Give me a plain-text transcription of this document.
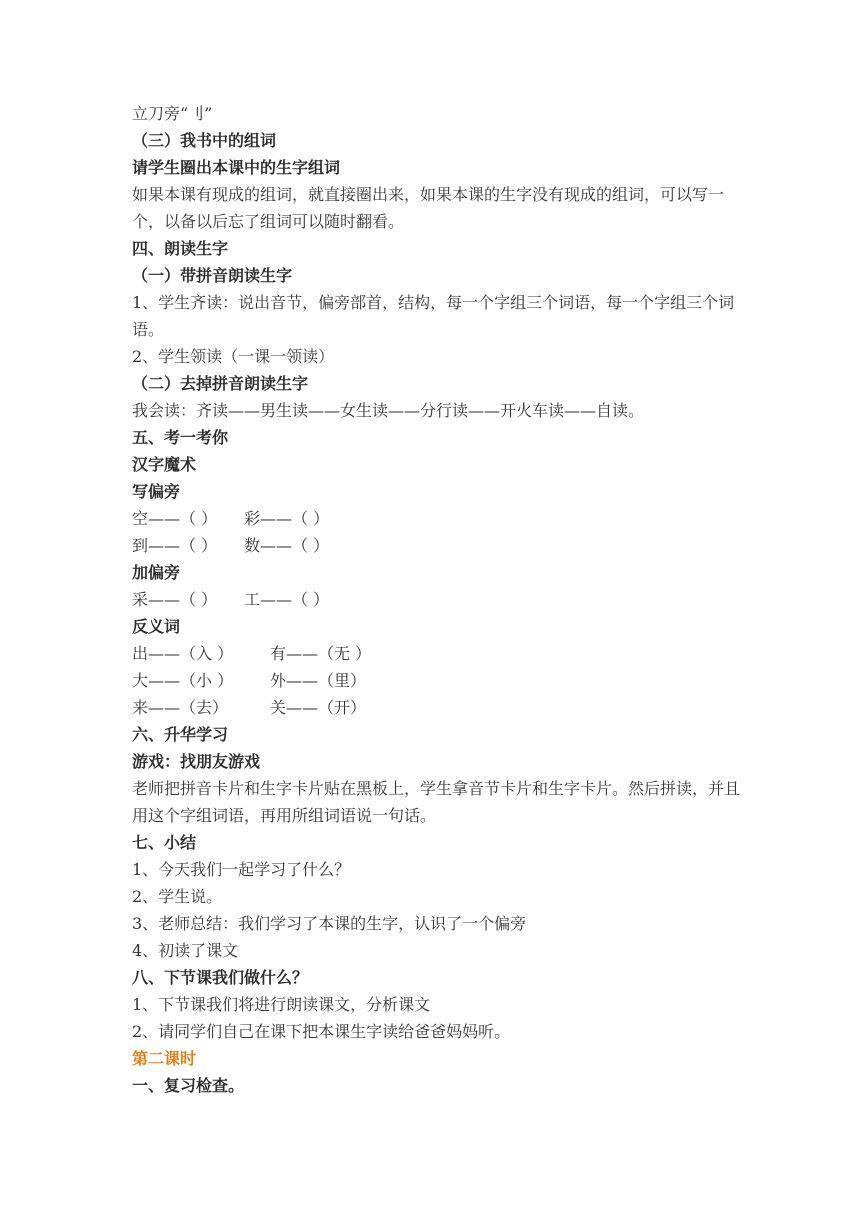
立刀旁“刂”
（三）我书中的组词
请学生圈出本课中的生字组词
如果本课有现成的组词，就直接圈出来，如果本课的生字没有现成的组词，可以写一个，以备以后忘了组词可以随时翻看。
四、朗读生字
（一）带拼音朗读生字
1、学生齐读：说出音节，偏旁部首，结构，每一个字组三个词语，每一个字组三个词语。
2、学生领读（一课一领读）
（二）去掉拼音朗读生字
我会读：齐读——男生读——女生读——分行读——开火车读——自读。
五、考一考你
汉字魔术
写偏旁
空——（ ） 彩——（ ）
到——（ ） 数——（ ）
加偏旁
采——（ ） 工——（ ）
反义词
出——（入 ） 有——（无 ）
大——（小 ） 外——（里）
来——（去）	关——（开）
六、升华学习
游戏：找朋友游戏
老师把拼音卡片和生字卡片贴在黑板上，学生拿音节卡片和生字卡片。然后拼读，并且用这个字组词语，再用所组词语说一句话。
七、小结
1、今天我们一起学习了什么？
2、学生说。
3、老师总结：我们学习了本课的生字，认识了一个偏旁
4、初读了课文
八、下节课我们做什么？
1、下节课我们将进行朗读课文，分析课文
2、请同学们自己在课下把本课生字读给爸爸妈妈听。
第二课时
一、复习检查。
